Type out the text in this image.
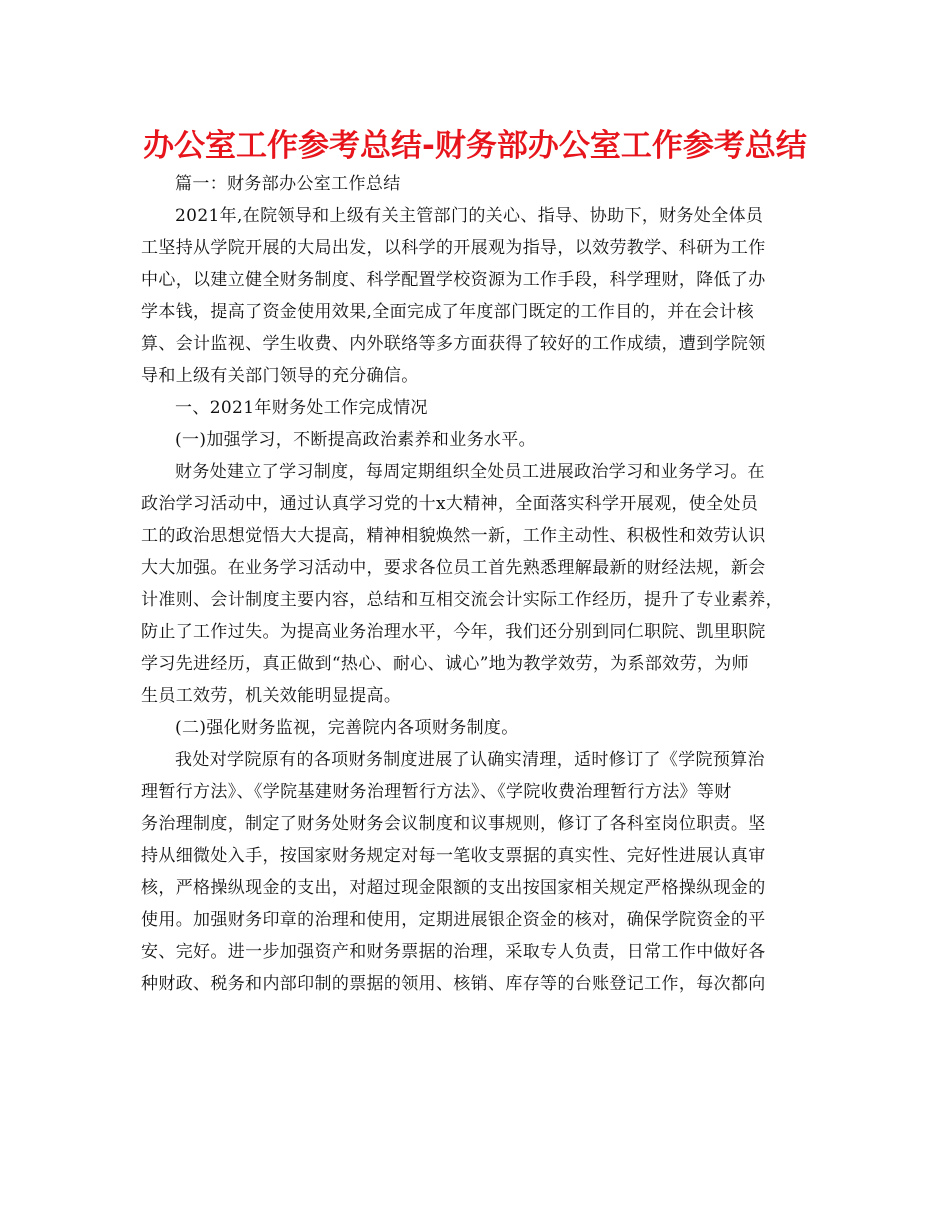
办公室工作参考总结-财务部办公室工作参考总结
篇一：财务部办公室工作总结
2021年,在院领导和上级有关主管部门的关心、指导、协助下，财务处全体员
工坚持从学院开展的大局出发，以科学的开展观为指导，以效劳教学、科研为工作
中心，以建立健全财务制度、科学配置学校资源为工作手段，科学理财，降低了办
学本钱，提高了资金使用效果,全面完成了年度部门既定的工作目的，并在会计核
算、会计监视、学生收费、内外联络等多方面获得了较好的工作成绩，遭到学院领
导和上级有关部门领导的充分确信。
一、2021年财务处工作完成情况
(一)加强学习，不断提高政治素养和业务水平。
财务处建立了学习制度，每周定期组织全处员工进展政治学习和业务学习。在
政治学习活动中，通过认真学习党的十x大精神，全面落实科学开展观，使全处员
工的政治思想觉悟大大提高，精神相貌焕然一新，工作主动性、积极性和效劳认识
大大加强。在业务学习活动中，要求各位员工首先熟悉理解最新的财经法规，新会
计准则、会计制度主要内容，总结和互相交流会计实际工作经历，提升了专业素养，
防止了工作过失。为提高业务治理水平，今年，我们还分别到同仁职院、凯里职院
学习先进经历，真正做到“热心、耐心、诚心”地为教学效劳，为系部效劳，为师
生员工效劳，机关效能明显提高。
(二)强化财务监视，完善院内各项财务制度。
我处对学院原有的各项财务制度进展了认确实清理，适时修订了《学院预算治
理暂行方法》、《学院基建财务治理暂行方法》、《学院收费治理暂行方法》等财
务治理制度，制定了财务处财务会议制度和议事规则，修订了各科室岗位职责。坚
持从细微处入手，按国家财务规定对每一笔收支票据的真实性、完好性进展认真审
核，严格操纵现金的支出，对超过现金限额的支出按国家相关规定严格操纵现金的
使用。加强财务印章的治理和使用，定期进展银企资金的核对，确保学院资金的平
安、完好。进一步加强资产和财务票据的治理，采取专人负责，日常工作中做好各
种财政、税务和内部印制的票据的领用、核销、库存等的台账登记工作，每次都向
